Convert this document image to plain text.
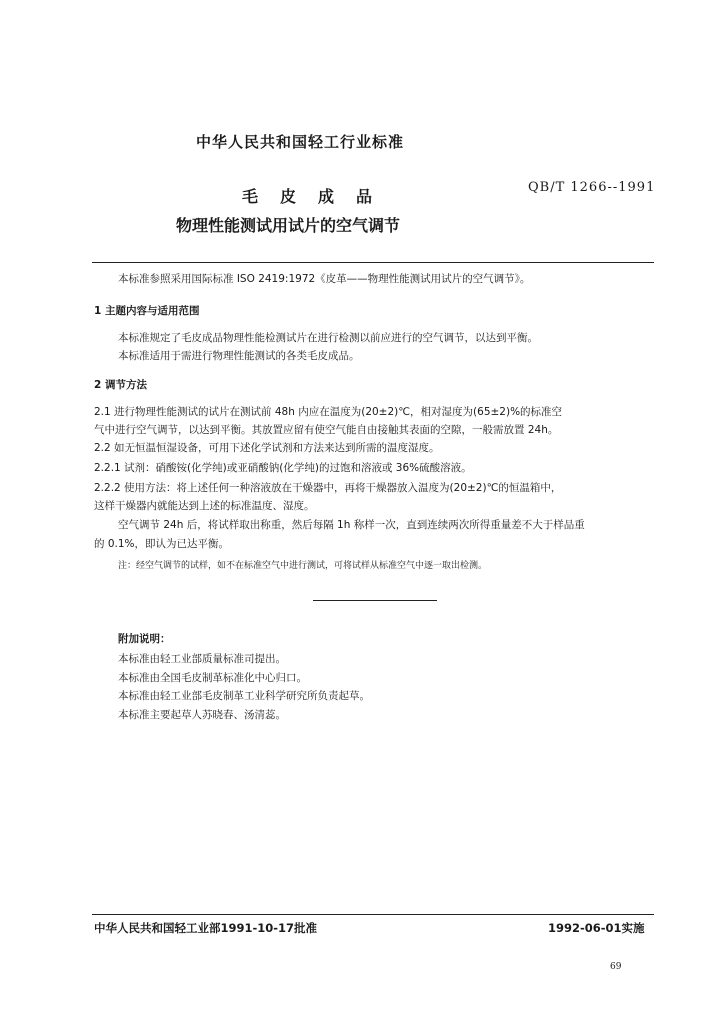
中华人民共和国轻工行业标准
毛皮成品	QB/T 1266--1991
物理性能测试用试片的空气调节
本标准参照采用国际标准 ISO 2419:1972《皮革——物理性能测试用试片的空气调节》。
1 主题内容与适用范围
本标准规定了毛皮成品物理性能检测试片在进行检测以前应进行的空气调节，以达到平衡。
本标准适用于需进行物理性能测试的各类毛皮成品。
2 调节方法
2.1 进行物理性能测试的试片在测试前 48h 内应在温度为(20±2)℃，相对湿度为(65±2)%的标准空
气中进行空气调节，以达到平衡。其放置应留有使空气能自由接触其表面的空隙，一般需放置 24h。
2.2 如无恒温恒湿设备，可用下述化学试剂和方法来达到所需的温度湿度。
2.2.1 试剂：硝酸铵(化学纯)或亚硝酸钠(化学纯)的过饱和溶液或 36%硫酸溶液。
2.2.2 使用方法：将上述任何一种溶液放在干燥器中，再将干燥器放入温度为(20±2)℃的恒温箱中，
这样干燥器内就能达到上述的标准温度、湿度。
空气调节 24h 后，将试样取出称重，然后每隔 1h 称样一次，直到连续两次所得重量差不大于样品重
的 0.1%，即认为已达平衡。
注：经空气调节的试样，如不在标准空气中进行测试，可将试样从标准空气中逐一取出检测。
附加说明：
本标准由轻工业部质量标准司提出。
本标准由全国毛皮制革标准化中心归口。
本标准由轻工业部毛皮制革工业科学研究所负责起草。
本标准主要起草人苏晓春、汤清蕊。
中华人民共和国轻工业部1991-10-17批准	1992-06-01实施
69
